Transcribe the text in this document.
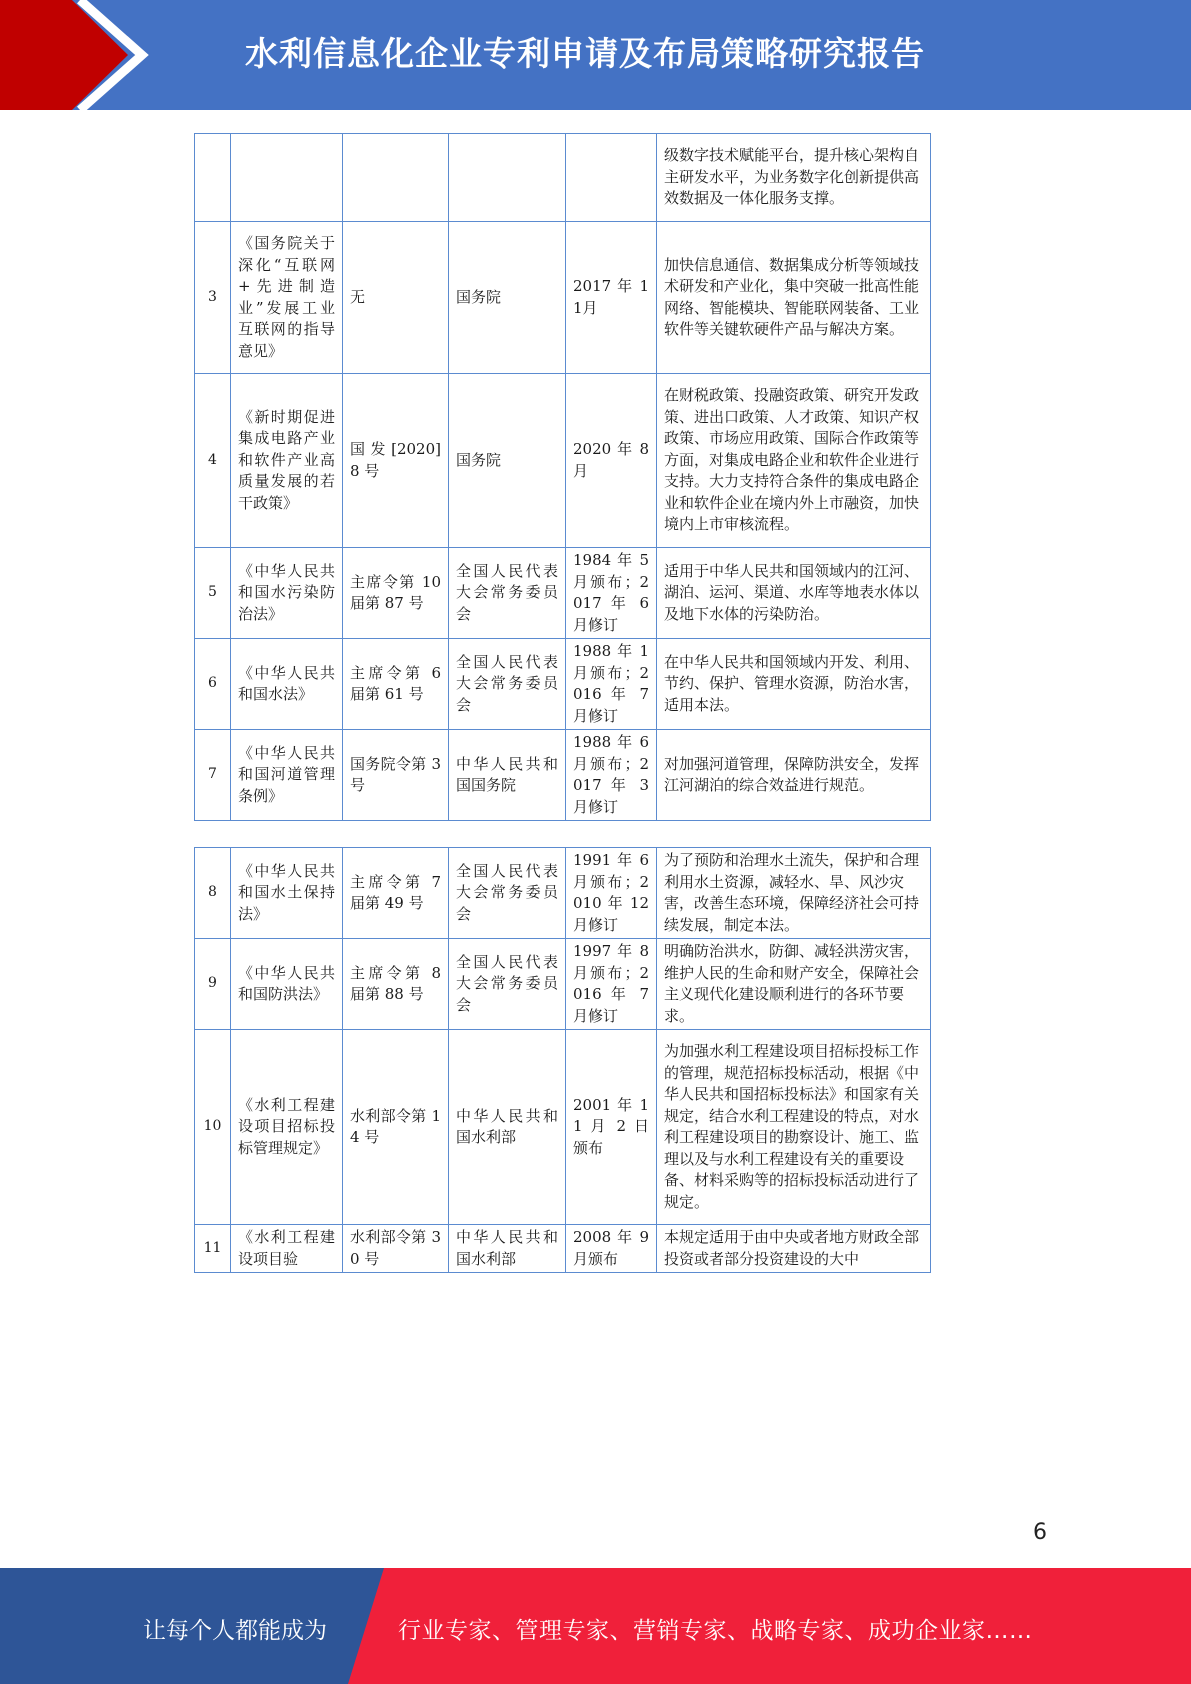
水利信息化企业专利申请及布局策略研究报告
					级数字技术赋能平台，提升核心架构自主研发水平，为业务数字化创新提供高效数据及一体化服务支撑。
3	《国务院关于深化“互联网+先进制造业”发展工业互联网的指导意见》	无	国务院	2017 年 11月	加快信息通信、数据集成分析等领域技术研发和产业化，集中突破一批高性能网络、智能模块、智能联网装备、工业软件等关键软硬件产品与解决方案。
4	《新时期促进集成电路产业和软件产业高质量发展的若干政策》	国 发 [2020]8 号	国务院	2020 年 8 月	在财税政策、投融资政策、研究开发政策、进出口政策、人才政策、知识产权政策、市场应用政策、国际合作政策等方面，对集成电路企业和软件企业进行支持。大力支持符合条件的集成电路企业和软件企业在境内外上市融资，加快境内上市审核流程。
5	《中华人民共和国水污染防治法》	主席令第 10 届第 87 号	全国人民代表大会常务委员会	1984 年 5 月颁布；2017 年 6 月修订	适用于中华人民共和国领域内的江河、湖泊、运河、渠道、水库等地表水体以及地下水体的污染防治。
6	《中华人民共和国水法》	主席令第 6 届第 61 号	全国人民代表大会常务委员会	1988 年 1 月颁布；2016 年 7 月修订	在中华人民共和国领域内开发、利用、节约、保护、管理水资源，防治水害，适用本法。
7	《中华人民共和国河道管理条例》	国务院令第 3 号	中华人民共和国国务院	1988 年 6 月颁布；2017 年 3 月修订	对加强河道管理，保障防洪安全，发挥江河湖泊的综合效益进行规范。
8	《中华人民共和国水土保持法》	主席令第 7 届第 49 号	全国人民代表大会常务委员会	1991 年 6 月颁布；2010 年 12 月修订	为了预防和治理水土流失，保护和合理利用水土资源，减轻水、旱、风沙灾害，改善生态环境，保障经济社会可持续发展，制定本法。
9	《中华人民共和国防洪法》	主席令第 8 届第 88 号	全国人民代表大会常务委员会	1997 年 8 月颁布；2016 年 7 月修订	明确防治洪水，防御、减轻洪涝灾害，维护人民的生命和财产安全，保障社会主义现代化建设顺利进行的各环节要求。
10	《水利工程建设项目招标投标管理规定》	水利部令第 14 号	中华人民共和国水利部	2001 年 11 月 2 日颁布	为加强水利工程建设项目招标投标工作的管理，规范招标投标活动，根据《中华人民共和国招标投标法》和国家有关规定，结合水利工程建设的特点，对水利工程建设项目的勘察设计、施工、监理以及与水利工程建设有关的重要设备、材料采购等的招标投标活动进行了规定。
11	《水利工程建设项目验	水利部令第 30 号	中华人民共和国水利部	2008 年 9 月颁布	本规定适用于由中央或者地方财政全部投资或者部分投资建设的大中
6
让每个人都能成为	行业专家、管理专家、营销专家、战略专家、成功企业家……
